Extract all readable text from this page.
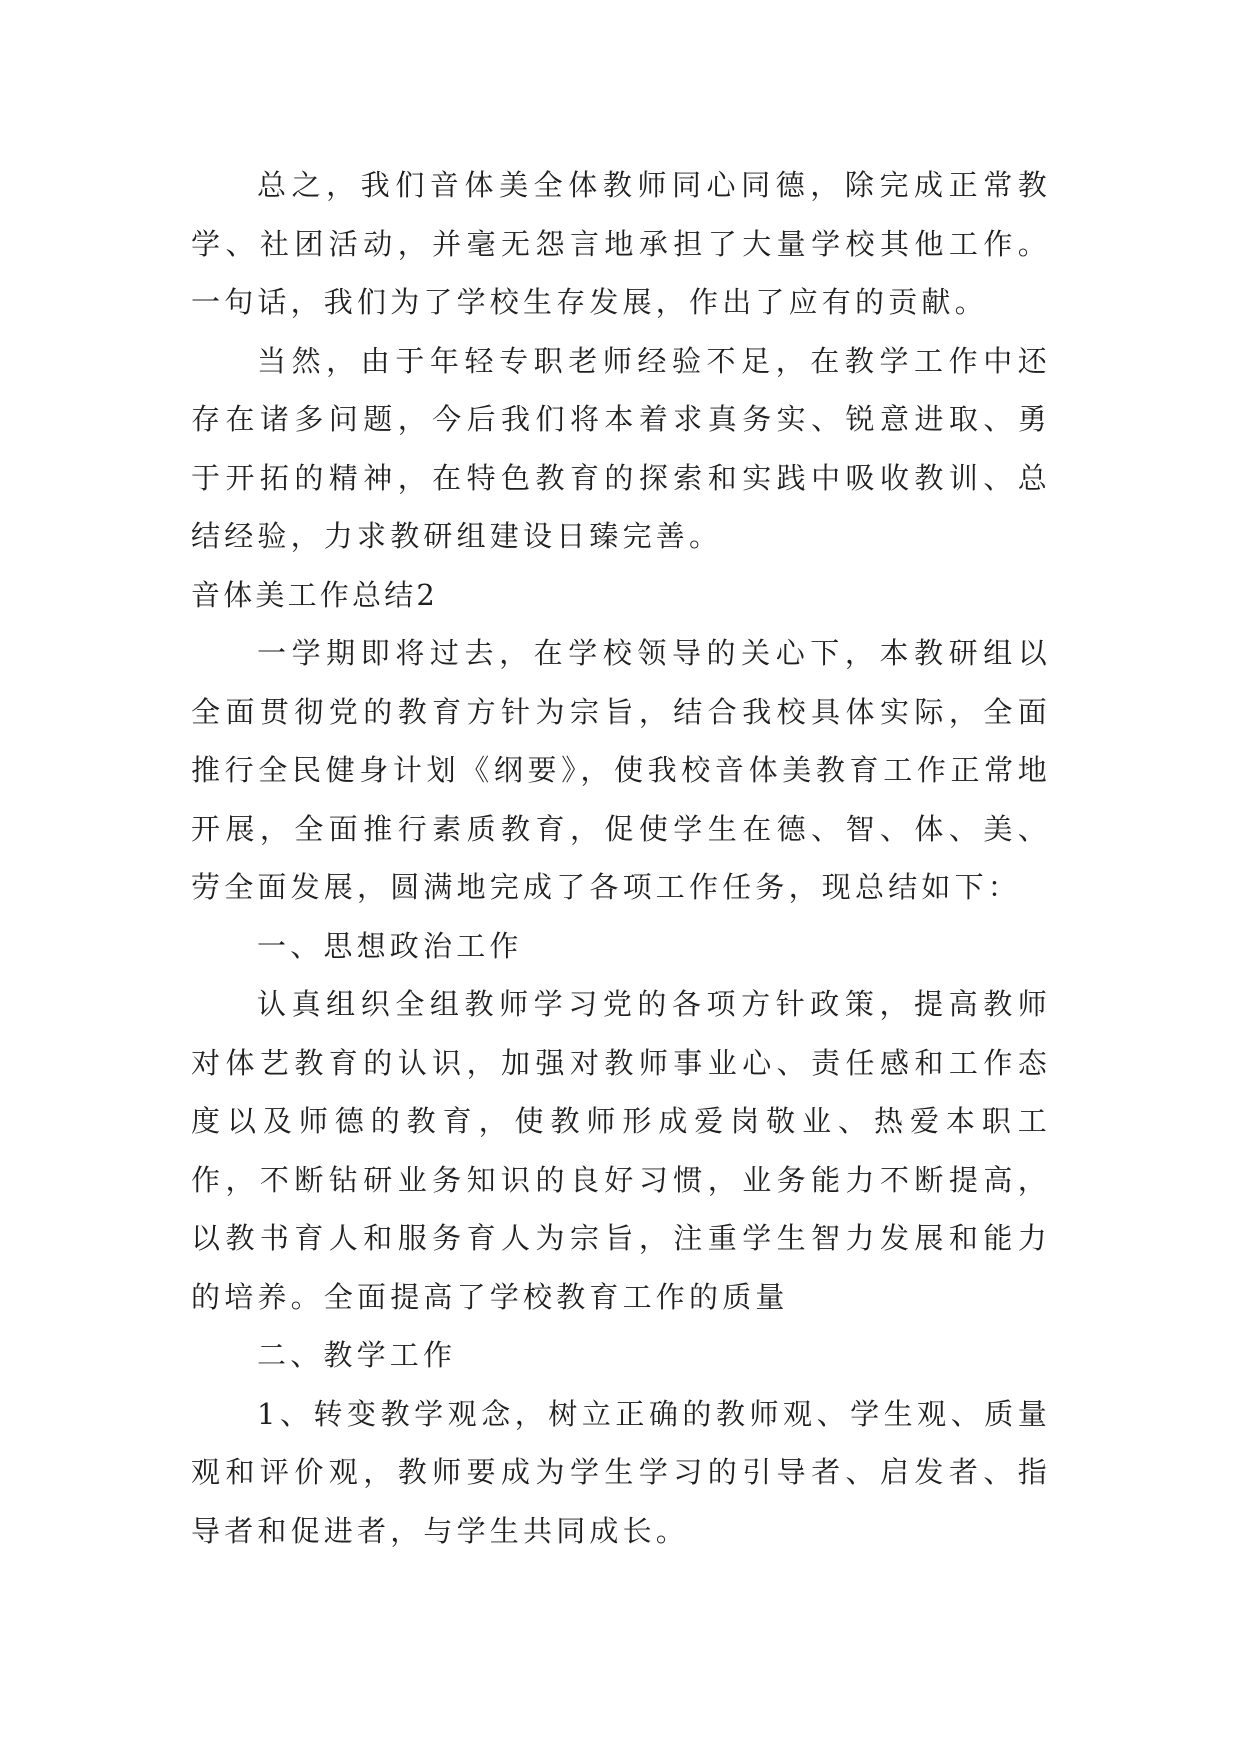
总之，我们音体美全体教师同心同德，除完成正常教学、社团活动，并毫无怨言地承担了大量学校其他工作。一句话，我们为了学校生存发展，作出了应有的贡献。

当然，由于年轻专职老师经验不足，在教学工作中还存在诸多问题，今后我们将本着求真务实、锐意进取、勇于开拓的精神，在特色教育的探索和实践中吸收教训、总结经验，力求教研组建设日臻完善。

音体美工作总结2

一学期即将过去，在学校领导的关心下，本教研组以全面贯彻党的教育方针为宗旨，结合我校具体实际，全面推行全民健身计划《纲要》，使我校音体美教育工作正常地开展，全面推行素质教育，促使学生在德、智、体、美、劳全面发展，圆满地完成了各项工作任务，现总结如下：

一、思想政治工作

认真组织全组教师学习党的各项方针政策，提高教师对体艺教育的认识，加强对教师事业心、责任感和工作态度以及师德的教育，使教师形成爱岗敬业、热爱本职工作，不断钻研业务知识的良好习惯，业务能力不断提高，以教书育人和服务育人为宗旨，注重学生智力发展和能力的培养。全面提高了学校教育工作的质量

二、教学工作

1、转变教学观念，树立正确的教师观、学生观、质量观和评价观，教师要成为学生学习的引导者、启发者、指导者和促进者，与学生共同成长。
